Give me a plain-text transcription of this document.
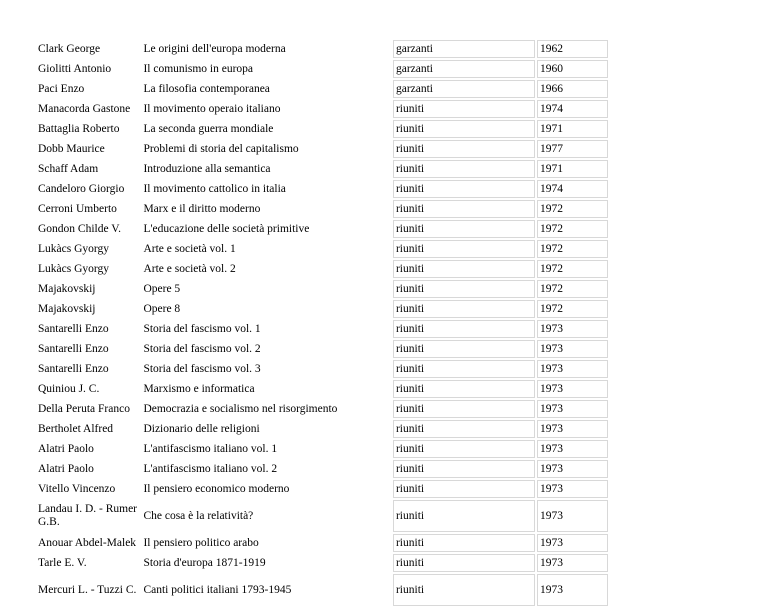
Clark George	Le origini dell'europa moderna	garzanti	1962
Giolitti Antonio	Il comunismo in europa	garzanti	1960
Paci Enzo	La filosofia contemporanea	garzanti	1966
Manacorda Gastone	Il movimento operaio italiano	riuniti	1974
Battaglia Roberto	La seconda guerra mondiale	riuniti	1971
Dobb Maurice	Problemi di storia del capitalismo	riuniti	1977
Schaff Adam	Introduzione alla semantica	riuniti	1971
Candeloro Giorgio	Il movimento cattolico in italia	riuniti	1974
Cerroni Umberto	Marx e il diritto moderno	riuniti	1972
Gondon Childe V.	L'educazione delle società primitive	riuniti	1972
Lukàcs Gyorgy	Arte e società vol. 1	riuniti	1972
Lukàcs Gyorgy	Arte e società vol. 2	riuniti	1972
Majakovskij	Opere 5	riuniti	1972
Majakovskij	Opere 8	riuniti	1972
Santarelli Enzo	Storia del fascismo vol. 1	riuniti	1973
Santarelli Enzo	Storia del fascismo vol. 2	riuniti	1973
Santarelli Enzo	Storia del fascismo vol. 3	riuniti	1973
Quiniou J. C.	Marxismo e informatica	riuniti	1973
Della Peruta Franco	Democrazia e socialismo nel risorgimento	riuniti	1973
Bertholet Alfred	Dizionario delle religioni	riuniti	1973
Alatri Paolo	L'antifascismo italiano vol. 1	riuniti	1973
Alatri Paolo	L'antifascismo italiano vol. 2	riuniti	1973
Vitello Vincenzo	Il pensiero economico moderno	riuniti	1973
Landau I. D. - Rumer G.B.	Che cosa è la relatività?	riuniti	1973
Anouar Abdel-Malek	Il pensiero politico arabo	riuniti	1973
Tarle E. V.	Storia d'europa 1871-1919	riuniti	1973
Mercuri L. - Tuzzi C.	Canti politici italiani 1793-1945	riuniti	1973
